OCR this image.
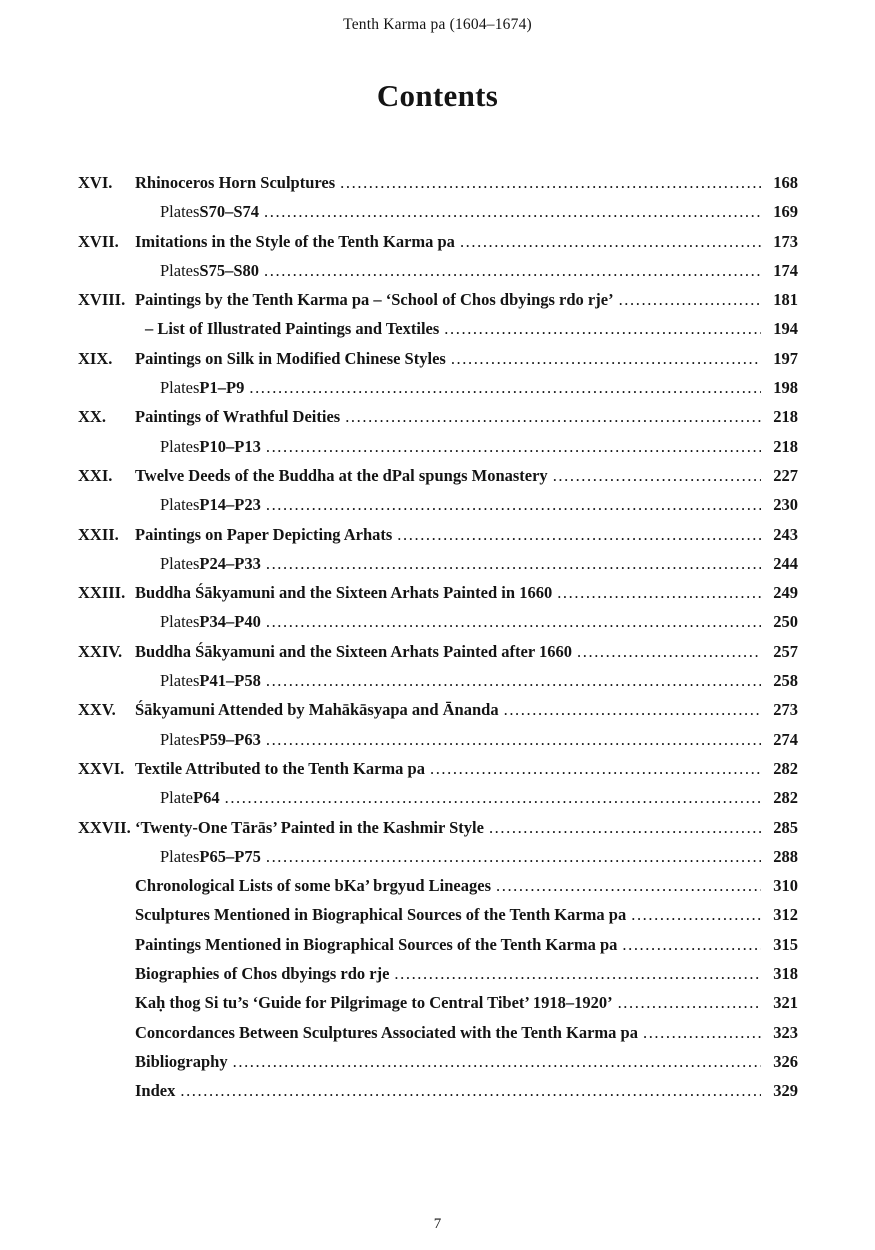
Tenth Karma pa (1604–1674)
Contents
XVI.	Rhinoceros Horn Sculptures .....	168
Plates S70–S74 .....	169
XVII. Imitations in the Style of the Tenth Karma pa .....	173
Plates S75–S80 .....	174
XVIII. Paintings by the Tenth Karma pa – ‘School of Chos dbyings rdo rje’ .....	181
– List of Illustrated Paintings and Textiles .....	194
XIX.	Paintings on Silk in Modified Chinese Styles .....	197
Plates P1–P9 .....	198
XX.	Paintings of Wrathful Deities .....	218
Plates P10–P13 .....	218
XXI.	Twelve Deeds of the Buddha at the dPal spungs Monastery .....	227
Plates P14–P23 .....	230
XXII. Paintings on Paper Depicting Arhats .....	243
Plates P24–P33 .....	244
XXIII. Buddha Śākyamuni and the Sixteen Arhats Painted in 1660 .....	249
Plates P34–P40 .....	250
XXIV. Buddha Śākyamuni and the Sixteen Arhats Painted after 1660 .....	257
Plates P41–P58 .....	258
XXV.	Śākyamuni Attended by Mahākāsyapa and Ānanda .....	273
Plates P59–P63 .....	274
XXVI. Textile Attributed to the Tenth Karma pa .....	282
Plate P64 .....	282
XXVII. ‘Twenty-One Tārās’ Painted in the Kashmir Style .....	285
Plates P65–P75 .....	288
Chronological Lists of some bKa’ brgyud Lineages .....	310
Sculptures Mentioned in Biographical Sources of the Tenth Karma pa .....	312
Paintings Mentioned in Biographical Sources of the Tenth Karma pa .....	315
Biographies of Chos dbyings rdo rje .....	318
Kaḥ thog Si tu’s ‘Guide for Pilgrimage to Central Tibet’ 1918–1920’ .....	321
Concordances Between Sculptures Associated with the Tenth Karma pa .....	323
Bibliography .....	326
Index .....	329
7
